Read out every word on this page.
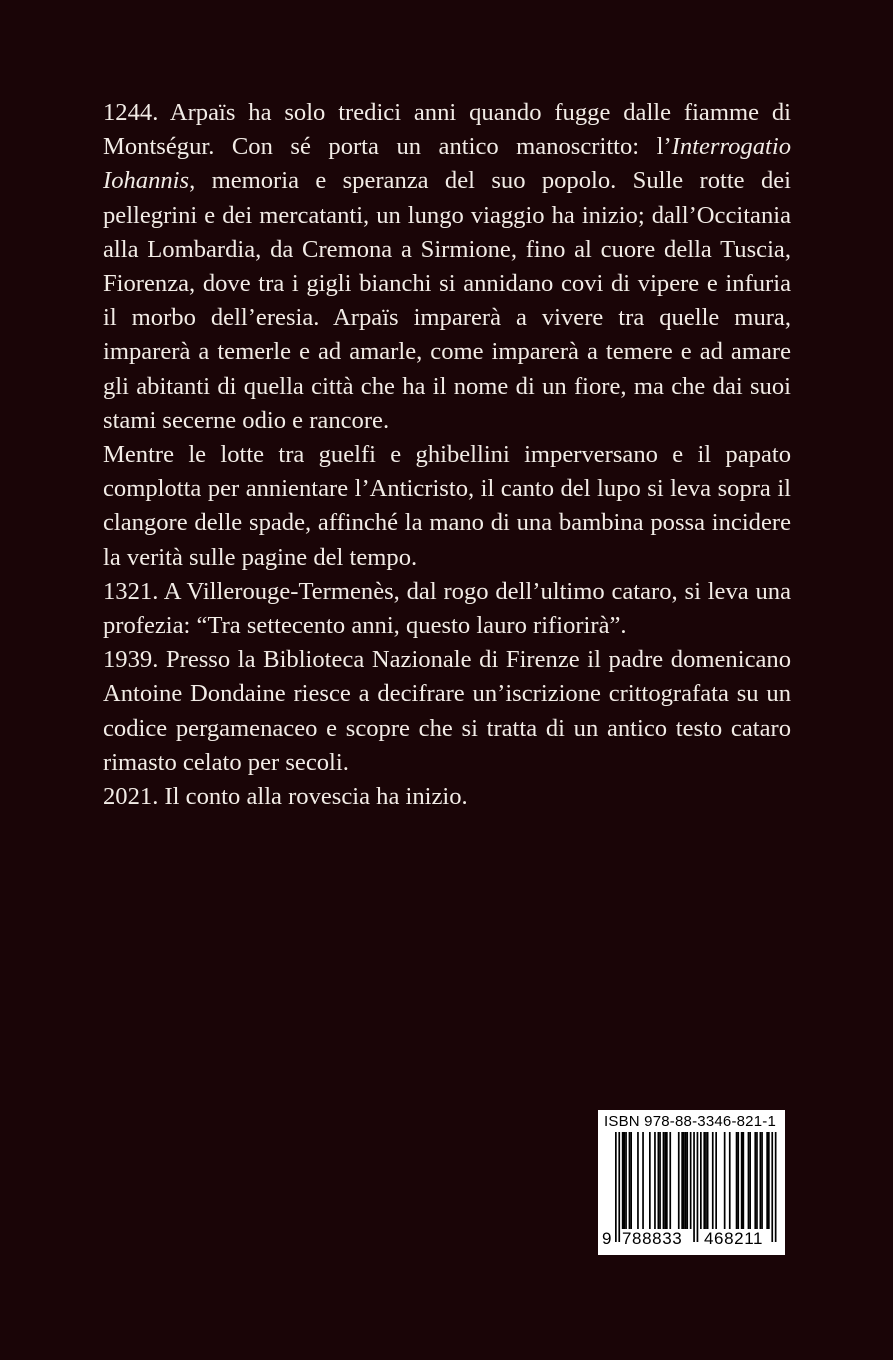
1244. Arpaïs ha solo tredici anni quando fugge dalle fiamme di Montségur. Con sé porta un antico manoscritto: l’Interrogatio Iohannis, memoria e speranza del suo popolo. Sulle rotte dei pellegrini e dei mercatanti, un lungo viaggio ha inizio; dall’Occitania alla Lombardia, da Cremona a Sirmione, fino al cuore della Tuscia, Fiorenza, dove tra i gigli bianchi si annidano covi di vipere e infuria il morbo dell’eresia. Arpaïs imparerà a vivere tra quelle mura, imparerà a temerle e ad amarle, come imparerà a temere e ad amare gli abitanti di quella città che ha il nome di un fiore, ma che dai suoi stami secerne odio e rancore.

Mentre le lotte tra guelfi e ghibellini imperversano e il papato complotta per annientare l’Anticristo, il canto del lupo si leva sopra il clangore delle spade, affinché la mano di una bambina possa incidere la verità sulle pagine del tempo.

1321. A Villerouge-Termenès, dal rogo dell’ultimo cataro, si leva una profezia: “Tra settecento anni, questo lauro rifiorirà”.

1939. Presso la Biblioteca Nazionale di Firenze il padre domenicano Antoine Dondaine riesce a decifrare un’iscrizione crittografata su un codice pergamenaceo e scopre che si tratta di un antico testo cataro rimasto celato per secoli.

2021. Il conto alla rovescia ha inizio.

ISBN 978-88-3346-821-1
9 788833 468211
